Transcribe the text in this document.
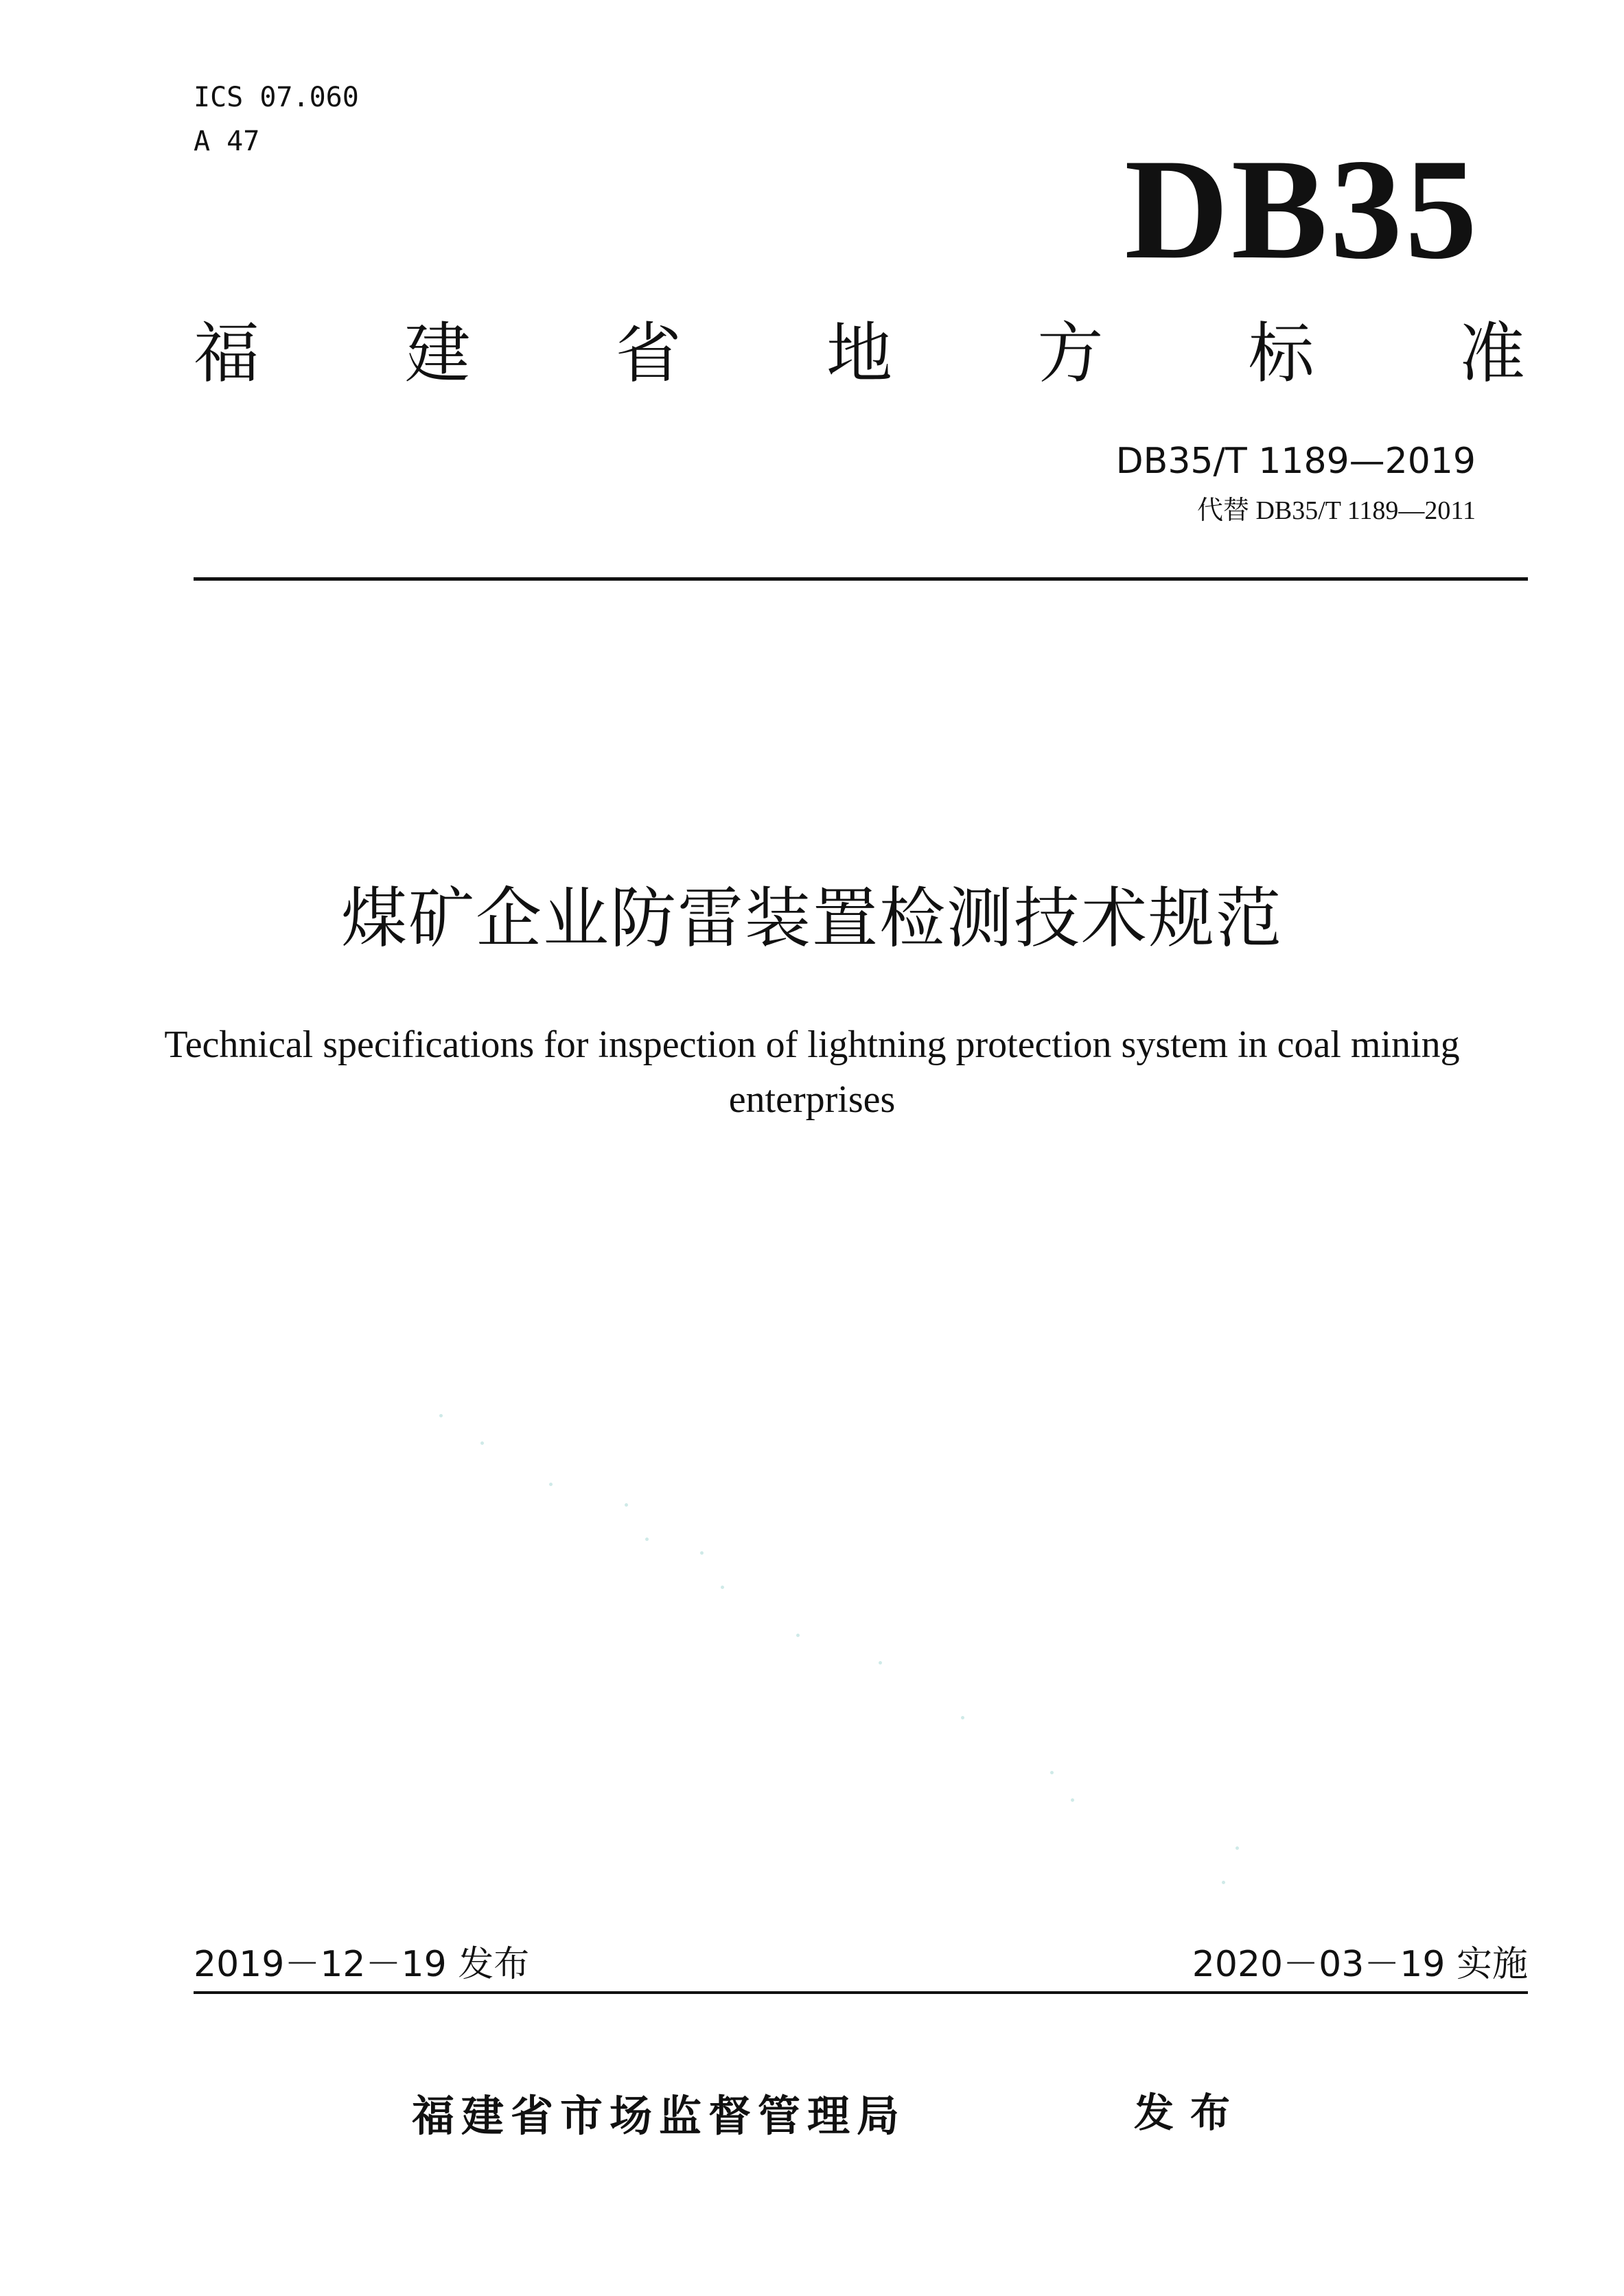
ICS 07.060
A 47	DB35
福 建 省 地 方 标 准
DB35/T 1189—2019
代替 DB35/T 1189—2011
煤矿企业防雷装置检测技术规范
Technical specifications for inspection of lightning protection system in coal mining enterprises
2019－12－19 发布	2020－03－19 实施
福建省市场监督管理局	发布
